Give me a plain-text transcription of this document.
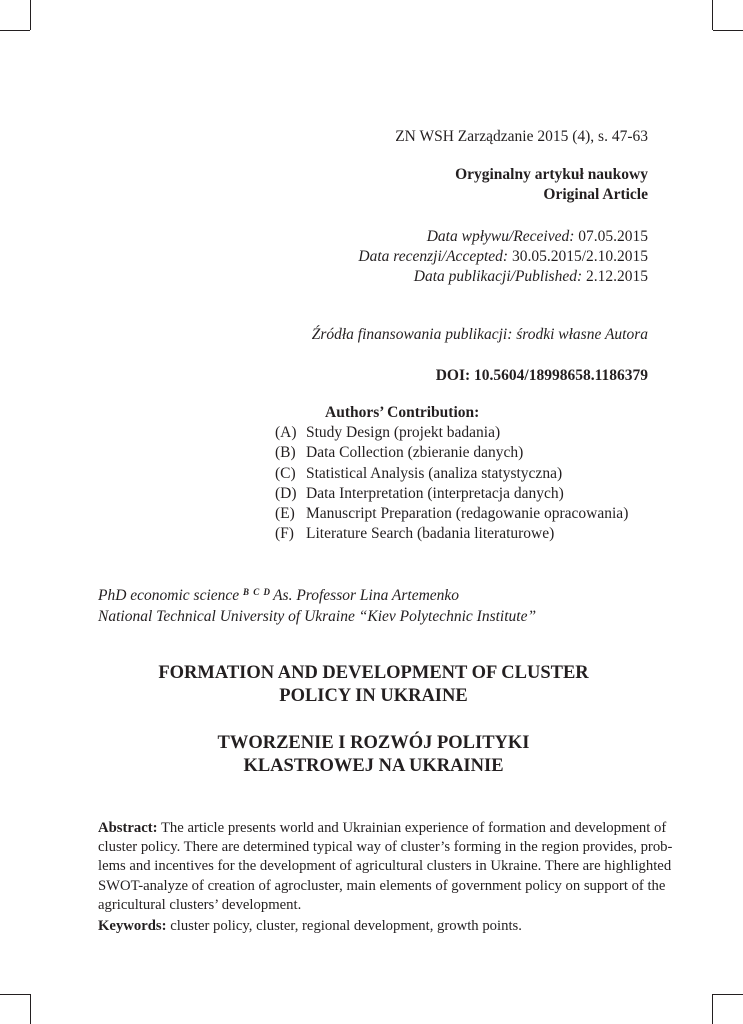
ZN WSH Zarządzanie 2015 (4), s. 47-63
Oryginalny artykuł naukowy
Original Article
Data wpływu/Received: 07.05.2015
Data recenzji/Accepted: 30.05.2015/2.10.2015
Data publikacji/Published: 2.12.2015
Źródła finansowania publikacji: środki własne Autora
DOI: 10.5604/18998658.1186379
Authors’ Contribution:
(A) Study Design (projekt badania)
(B) Data Collection (zbieranie danych)
(C) Statistical Analysis (analiza statystyczna)
(D) Data Interpretation (interpretacja danych)
(E) Manuscript Preparation (redagowanie opracowania)
(F) Literature Search (badania literaturowe)
PhD economic science $^{B C D}$ As. Professor Lina Artemenko
National Technical University of Ukraine “Kiev Polytechnic Institute”
FORMATION AND DEVELOPMENT OF CLUSTER
POLICY IN UKRAINE
TWORZENIE I ROZWÓJ POLITYKI
KLASTROWEJ NA UKRAINIE
Abstract: The article presents world and Ukrainian experience of formation and development of
cluster policy. There are determined typical way of cluster’s forming in the region provides, prob-
lems and incentives for the development of agricultural clusters in Ukraine. There are highlighted
SWOT-analyze of creation of agrocluster, main elements of government policy on support of the
agricultural clusters’ development.
Keywords: cluster policy, cluster, regional development, growth points.
